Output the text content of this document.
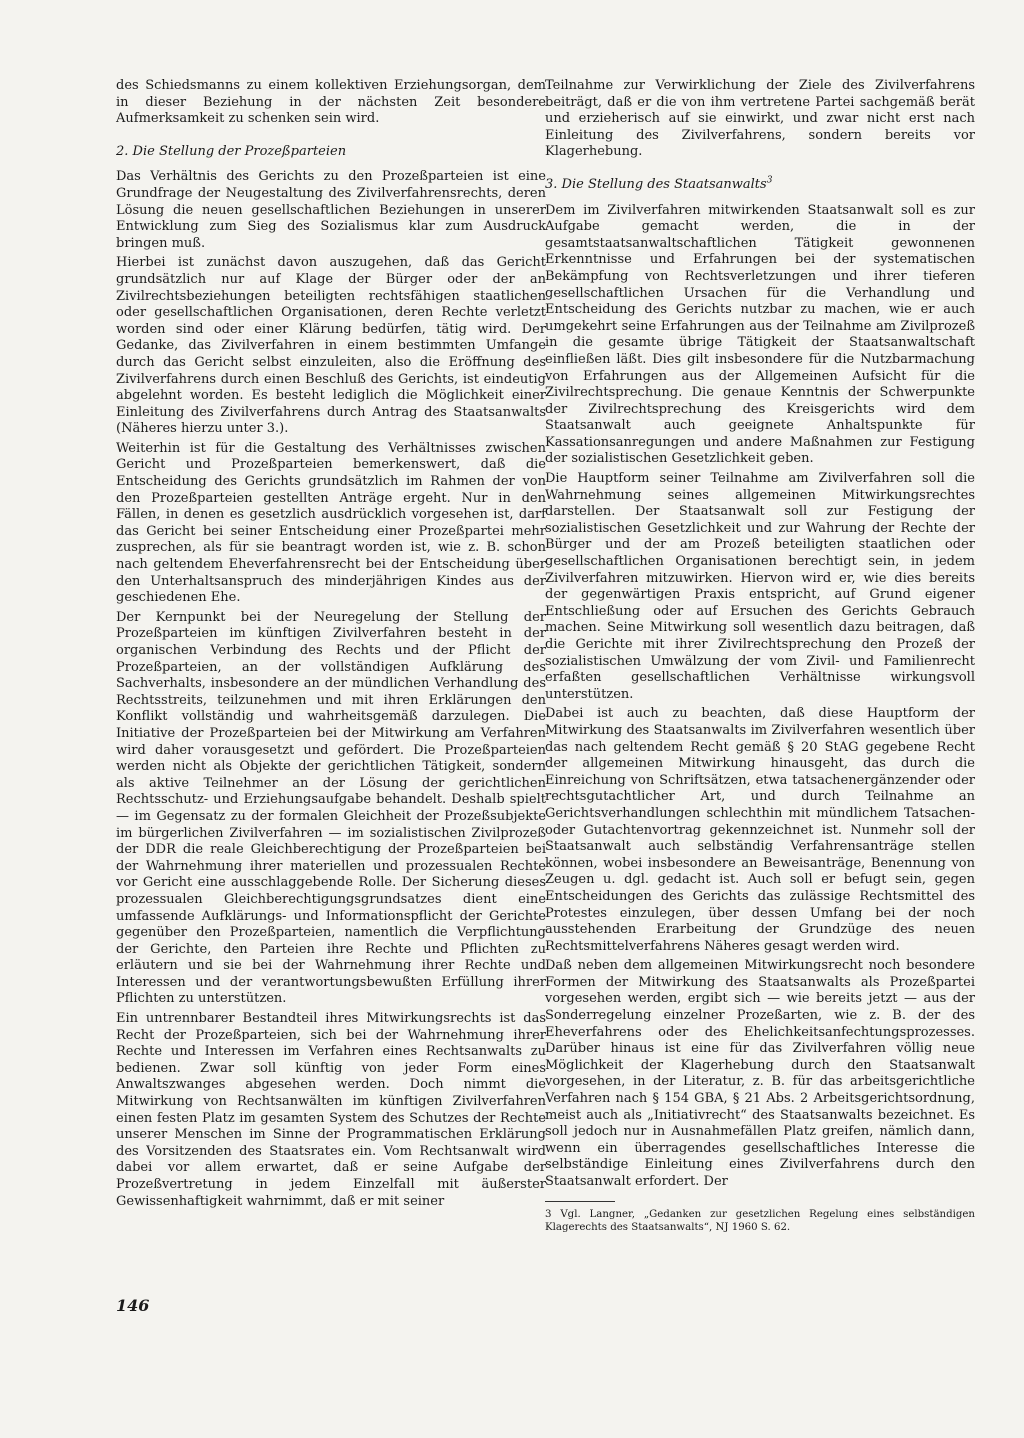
des Schiedsmanns zu einem kollektiven Erziehungsorgan, dem in dieser Beziehung in der nächsten Zeit besondere Aufmerksamkeit zu schenken sein wird.

2. Die Stellung der Prozeßparteien

Das Verhältnis des Gerichts zu den Prozeßparteien ist eine Grundfrage der Neugestaltung des Zivilverfahrensrechts, deren Lösung die neuen gesellschaftlichen Beziehungen in unserer Entwicklung zum Sieg des Sozialismus klar zum Ausdruck bringen muß.

Hierbei ist zunächst davon auszugehen, daß das Gericht grundsätzlich nur auf Klage der Bürger oder der an Zivilrechtsbeziehungen beteiligten rechtsfähigen staatlichen oder gesellschaftlichen Organisationen, deren Rechte verletzt worden sind oder einer Klärung bedürfen, tätig wird. Der Gedanke, das Zivilverfahren in einem bestimmten Umfange durch das Gericht selbst einzuleiten, also die Eröffnung des Zivilverfahrens durch einen Beschluß des Gerichts, ist eindeutig abgelehnt worden. Es besteht lediglich die Möglichkeit einer Einleitung des Zivilverfahrens durch Antrag des Staatsanwalts (Näheres hierzu unter 3.).

Weiterhin ist für die Gestaltung des Verhältnisses zwischen Gericht und Prozeßparteien bemerkenswert, daß die Entscheidung des Gerichts grundsätzlich im Rahmen der von den Prozeßparteien gestellten Anträge ergeht. Nur in den Fällen, in denen es gesetzlich ausdrücklich vorgesehen ist, darf das Gericht bei seiner Entscheidung einer Prozeßpartei mehr zusprechen, als für sie beantragt worden ist, wie z. B. schon nach geltendem Eheverfahrensrecht bei der Entscheidung über den Unterhaltsanspruch des minderjährigen Kindes aus der geschiedenen Ehe.

Der Kernpunkt bei der Neuregelung der Stellung der Prozeßparteien im künftigen Zivilverfahren besteht in der organischen Verbindung des Rechts und der Pflicht der Prozeßparteien, an der vollständigen Aufklärung des Sachverhalts, insbesondere an der mündlichen Verhandlung des Rechtsstreits, teilzunehmen und mit ihren Erklärungen den Konflikt vollständig und wahrheitsgemäß darzulegen. Die Initiative der Prozeßparteien bei der Mitwirkung am Verfahren wird daher vorausgesetzt und gefördert. Die Prozeßparteien werden nicht als Objekte der gerichtlichen Tätigkeit, sondern als aktive Teilnehmer an der Lösung der gerichtlichen Rechtsschutz- und Erziehungsaufgabe behandelt. Deshalb spielt — im Gegensatz zu der formalen Gleichheit der Prozeßsubjekte im bürgerlichen Zivilverfahren — im sozialistischen Zivilprozeß der DDR die reale Gleichberechtigung der Prozeßparteien bei der Wahrnehmung ihrer materiellen und prozessualen Rechte vor Gericht eine ausschlaggebende Rolle. Der Sicherung dieses prozessualen Gleichberechtigungsgrundsatzes dient eine umfassende Aufklärungs- und Informationspflicht der Gerichte gegenüber den Prozeßparteien, namentlich die Verpflichtung der Gerichte, den Parteien ihre Rechte und Pflichten zu erläutern und sie bei der Wahrnehmung ihrer Rechte und Interessen und der verantwortungsbewußten Erfüllung ihrer Pflichten zu unterstützen.

Ein untrennbarer Bestandteil ihres Mitwirkungsrechts ist das Recht der Prozeßparteien, sich bei der Wahrnehmung ihrer Rechte und Interessen im Verfahren eines Rechtsanwalts zu bedienen. Zwar soll künftig von jeder Form eines Anwaltszwanges abgesehen werden. Doch nimmt die Mitwirkung von Rechtsanwälten im künftigen Zivilverfahren einen festen Platz im gesamten System des Schutzes der Rechte unserer Menschen im Sinne der Programmatischen Erklärung des Vorsitzenden des Staatsrates ein. Vom Rechtsanwalt wird dabei vor allem erwartet, daß er seine Aufgabe der Prozeßvertretung in jedem Einzelfall mit äußerster Gewissenhaftigkeit wahrnimmt, daß er mit seiner

Teilnahme zur Verwirklichung der Ziele des Zivilverfahrens beiträgt, daß er die von ihm vertretene Partei sachgemäß berät und erzieherisch auf sie einwirkt, und zwar nicht erst nach Einleitung des Zivilverfahrens, sondern bereits vor Klagerhebung.

3. Die Stellung des Staatsanwalts$^3$

Dem im Zivilverfahren mitwirkenden Staatsanwalt soll es zur Aufgabe gemacht werden, die in der gesamtstaatsanwaltschaftlichen Tätigkeit gewonnenen Erkenntnisse und Erfahrungen bei der systematischen Bekämpfung von Rechtsverletzungen und ihrer tieferen gesellschaftlichen Ursachen für die Verhandlung und Entscheidung des Gerichts nutzbar zu machen, wie er auch umgekehrt seine Erfahrungen aus der Teilnahme am Zivilprozeß in die gesamte übrige Tätigkeit der Staatsanwaltschaft einfließen läßt. Dies gilt insbesondere für die Nutzbarmachung von Erfahrungen aus der Allgemeinen Aufsicht für die Zivilrechtsprechung. Die genaue Kenntnis der Schwerpunkte der Zivilrechtsprechung des Kreisgerichts wird dem Staatsanwalt auch geeignete Anhaltspunkte für Kassationsanregungen und andere Maßnahmen zur Festigung der sozialistischen Gesetzlichkeit geben.

Die Hauptform seiner Teilnahme am Zivilverfahren soll die Wahrnehmung seines allgemeinen Mitwirkungsrechtes darstellen. Der Staatsanwalt soll zur Festigung der sozialistischen Gesetzlichkeit und zur Wahrung der Rechte der Bürger und der am Prozeß beteiligten staatlichen oder gesellschaftlichen Organisationen berechtigt sein, in jedem Zivilverfahren mitzuwirken. Hiervon wird er, wie dies bereits der gegenwärtigen Praxis entspricht, auf Grund eigener Entschließung oder auf Ersuchen des Gerichts Gebrauch machen. Seine Mitwirkung soll wesentlich dazu beitragen, daß die Gerichte mit ihrer Zivilrechtsprechung den Prozeß der sozialistischen Umwälzung der vom Zivil- und Familienrecht erfaßten gesellschaftlichen Verhältnisse wirkungsvoll unterstützen.

Dabei ist auch zu beachten, daß diese Hauptform der Mitwirkung des Staatsanwalts im Zivilverfahren wesentlich über das nach geltendem Recht gemäß § 20 StAG gegebene Recht der allgemeinen Mitwirkung hinausgeht, das durch die Einreichung von Schriftsätzen, etwa tatsachenergänzender oder rechtsgutachtlicher Art, und durch Teilnahme an Gerichtsverhandlungen schlechthin mit mündlichem Tatsachen- oder Gutachtenvortrag gekennzeichnet ist. Nunmehr soll der Staatsanwalt auch selbständig Verfahrensanträge stellen können, wobei insbesondere an Beweisanträge, Benennung von Zeugen u. dgl. gedacht ist. Auch soll er befugt sein, gegen Entscheidungen des Gerichts das zulässige Rechtsmittel des Protestes einzulegen, über dessen Umfang bei der noch ausstehenden Erarbeitung der Grundzüge des neuen Rechtsmittelverfahrens Näheres gesagt werden wird.

Daß neben dem allgemeinen Mitwirkungsrecht noch besondere Formen der Mitwirkung des Staatsanwalts als Prozeßpartei vorgesehen werden, ergibt sich — wie bereits jetzt — aus der Sonderregelung einzelner Prozeßarten, wie z. B. der des Eheverfahrens oder des Ehelichkeitsanfechtungsprozesses. Darüber hinaus ist eine für das Zivilverfahren völlig neue Möglichkeit der Klagerhebung durch den Staatsanwalt vorgesehen, in der Literatur, z. B. für das arbeitsgerichtliche Verfahren nach § 154 GBA, § 21 Abs. 2 Arbeitsgerichtsordnung, meist auch als „Initiativrecht“ des Staatsanwalts bezeichnet. Es soll jedoch nur in Ausnahmefällen Platz greifen, nämlich dann, wenn ein überragendes gesellschaftliches Interesse die selbständige Einleitung eines Zivilverfahrens durch den Staatsanwalt erfordert. Der

3 Vgl. Langner, „Gedanken zur gesetzlichen Regelung eines selbständigen Klagerechts des Staatsanwalts“, NJ 1960 S. 62.

146
